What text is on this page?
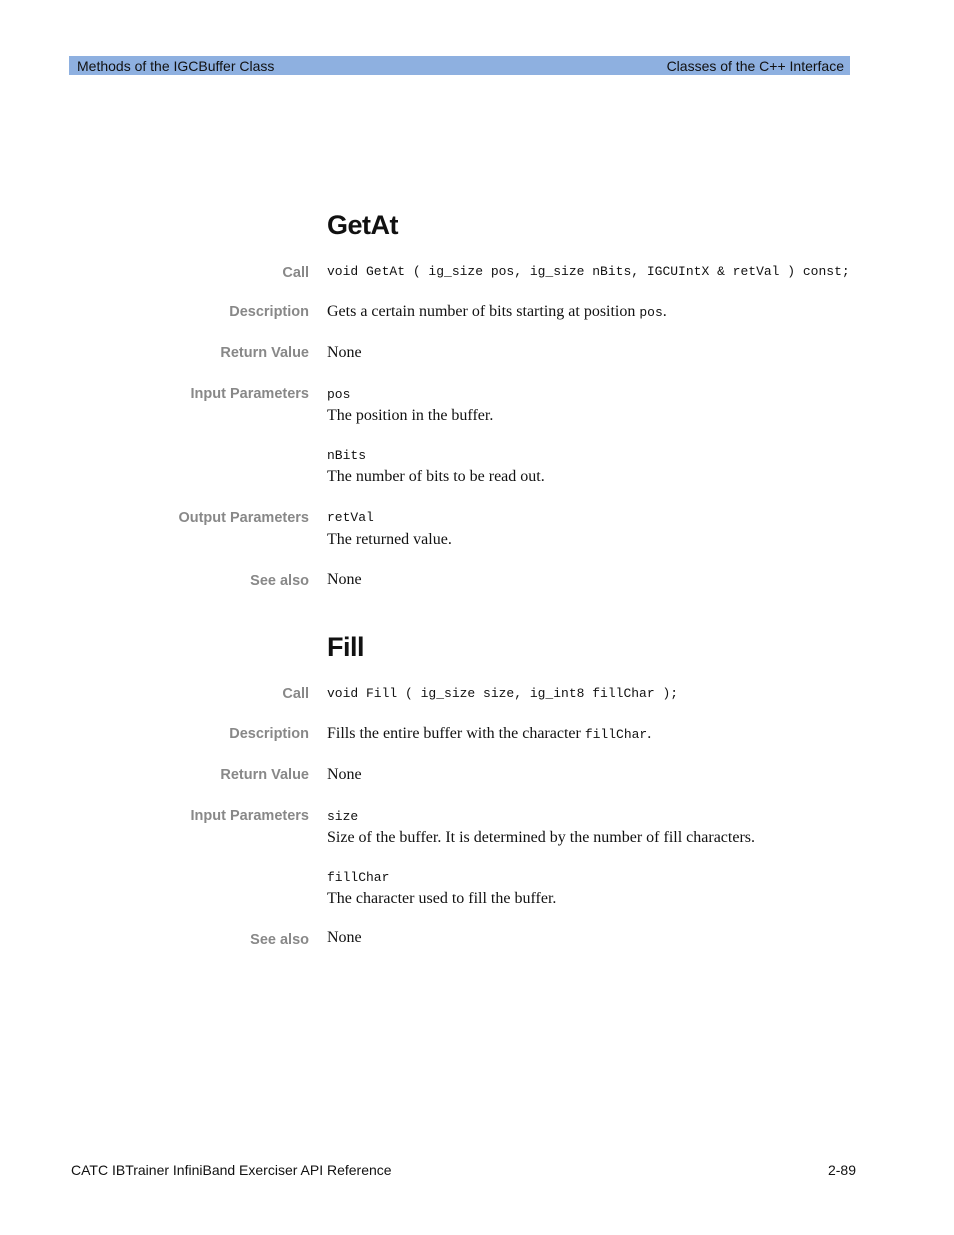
Methods of the IGCBuffer Class	Classes of the C++ Interface
GetAt
Call void GetAt ( ig_size pos, ig_size nBits, IGCUIntX & retVal ) const;
Description Gets a certain number of bits starting at position pos.
Return Value None
Input Parameters pos
The position in the buffer.
nBits
The number of bits to be read out.
Output Parameters retVal
The returned value.
See also None
Fill
Call void Fill ( ig_size size, ig_int8 fillChar );
Description Fills the entire buffer with the character fillChar.
Return Value None
Input Parameters size
Size of the buffer. It is determined by the number of fill characters.
fillChar
The character used to fill the buffer.
See also None
CATC IBTrainer InfiniBand Exerciser API Reference	2-89
